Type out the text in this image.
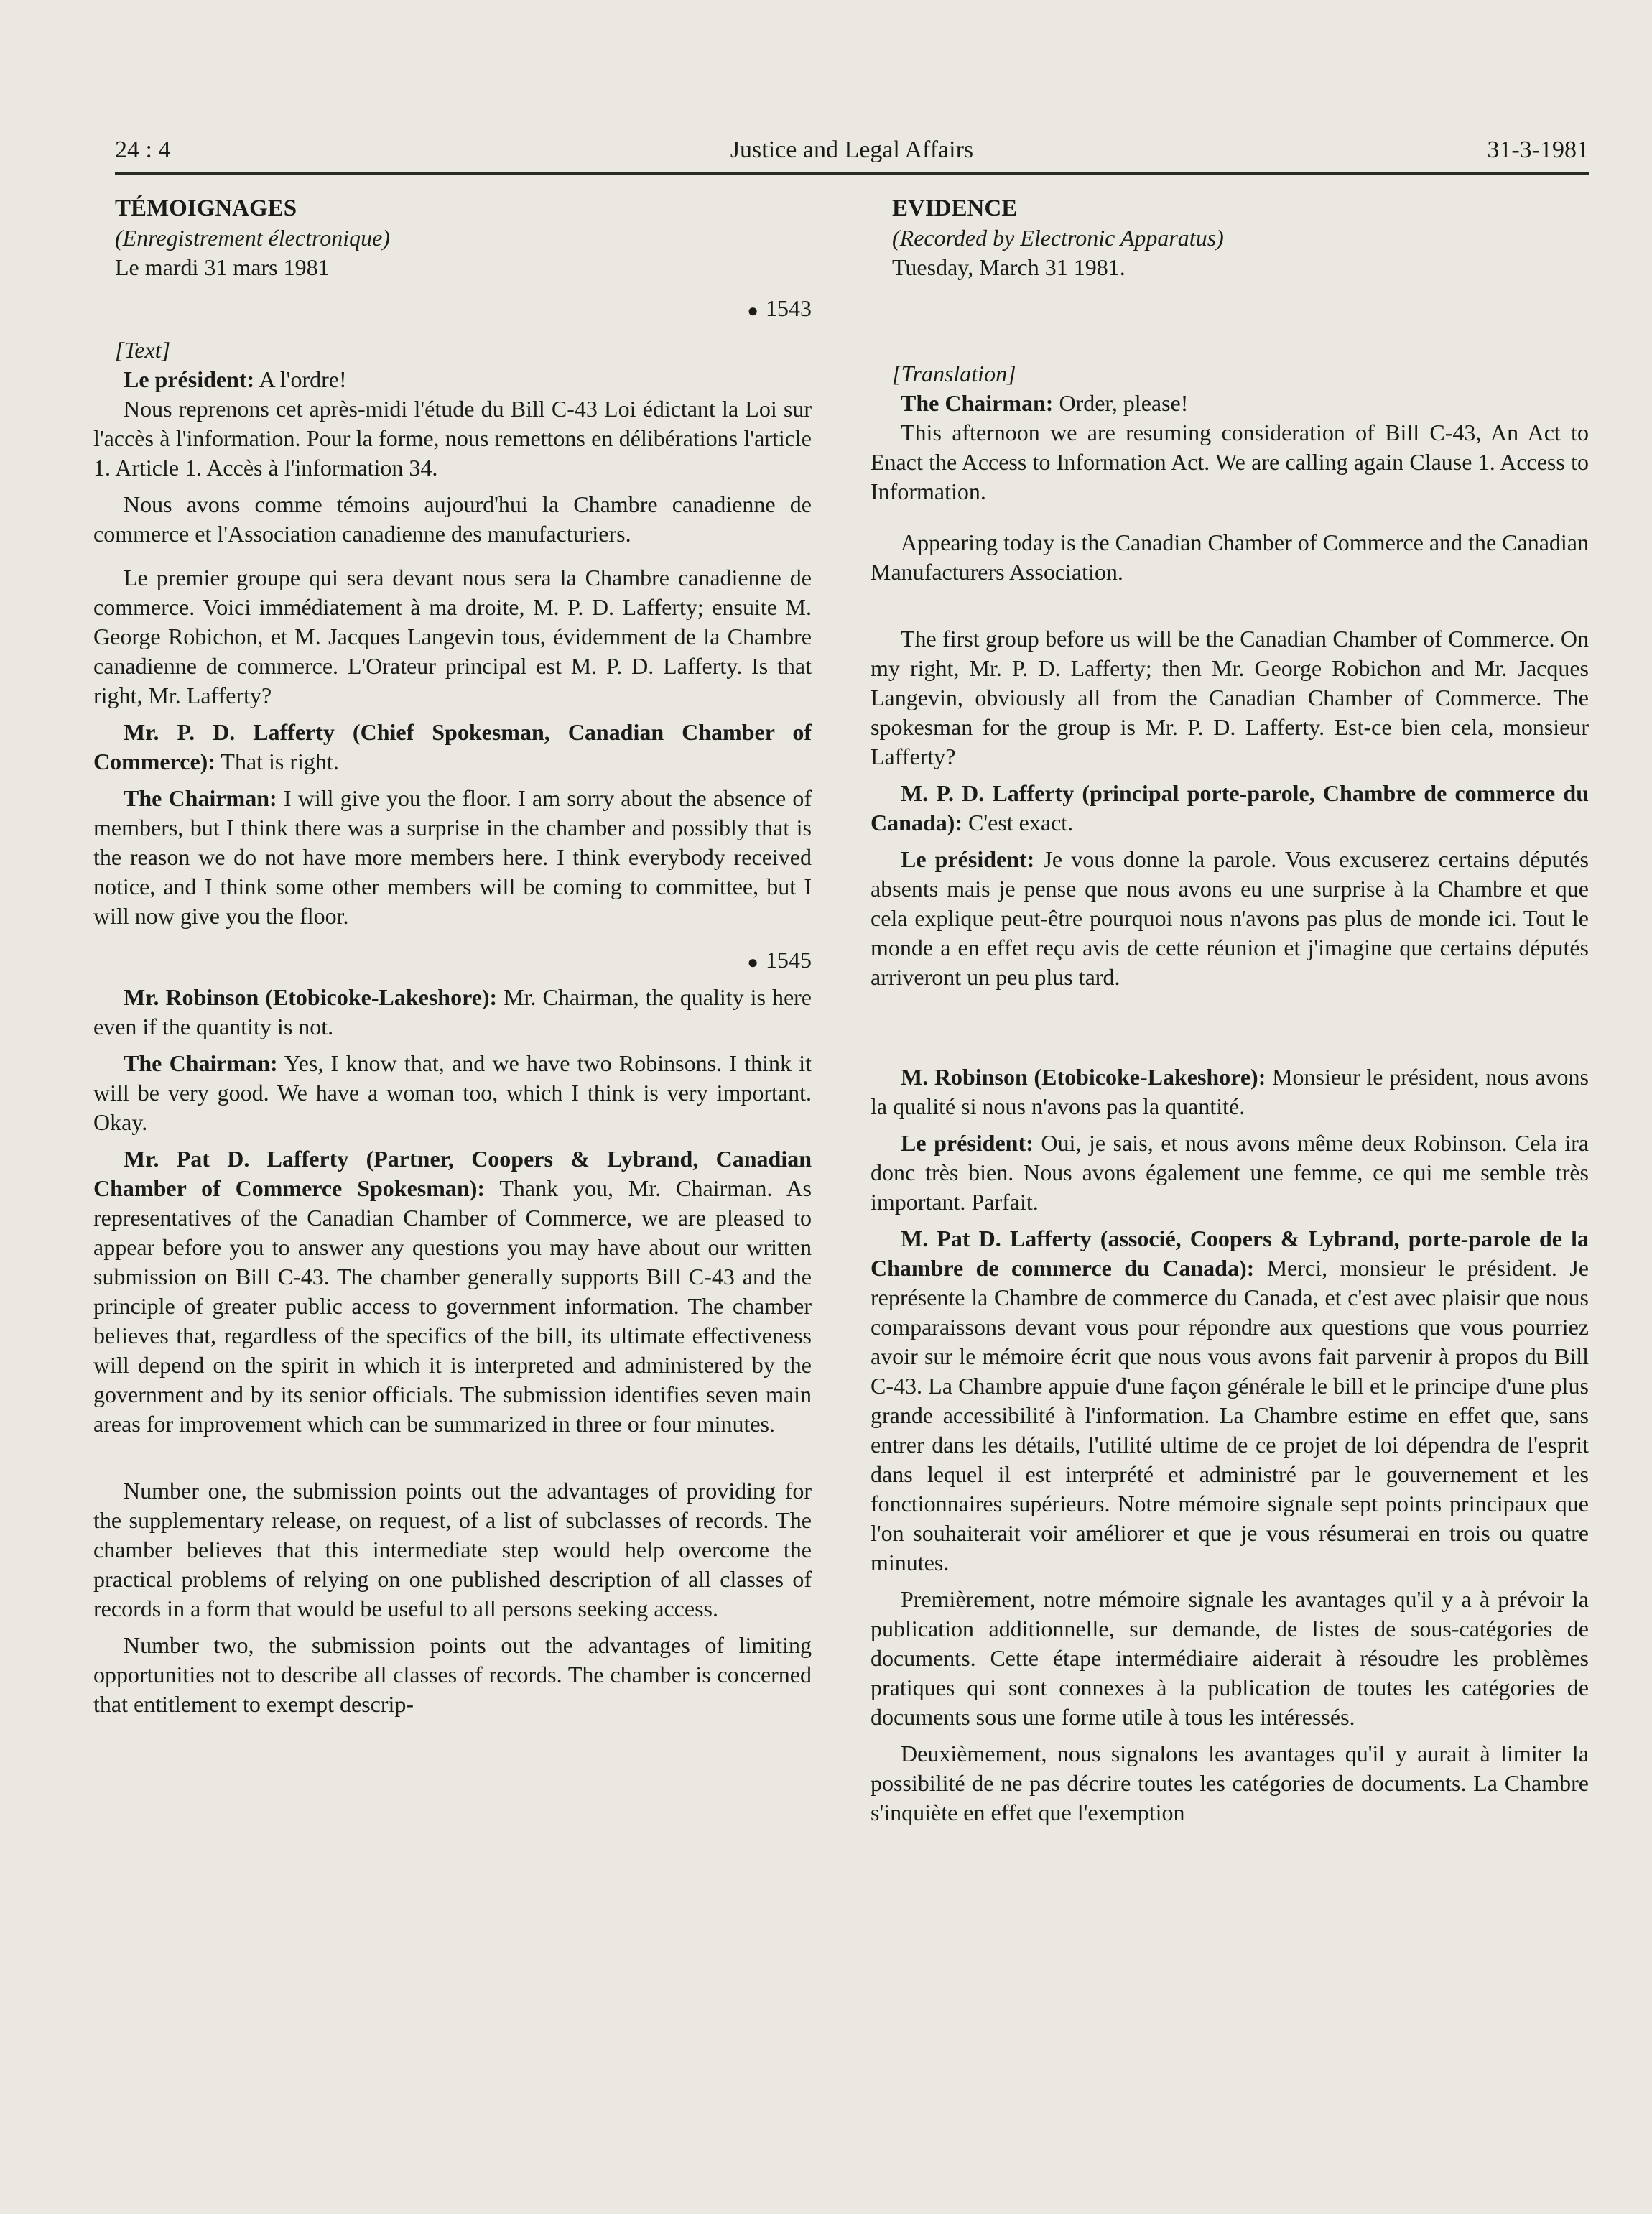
24 : 4	Justice and Legal Affairs	31-3-1981

TÉMOIGNAGES

(Enregistrement électronique)

Le mardi 31 mars 1981

● 1543

[Text]

Le président: A l'ordre!

Nous reprenons cet après-midi l'étude du Bill C-43 Loi édictant la Loi sur l'accès à l'information. Pour la forme, nous remettons en délibérations l'article 1. Article 1. Accès à l'information 34.

Nous avons comme témoins aujourd'hui la Chambre canadienne de commerce et l'Association canadienne des manufacturiers.

Le premier groupe qui sera devant nous sera la Chambre canadienne de commerce. Voici immédiatement à ma droite, M. P. D. Lafferty; ensuite M. George Robichon, et M. Jacques Langevin tous, évidemment de la Chambre canadienne de commerce. L'Orateur principal est M. P. D. Lafferty. Is that right, Mr. Lafferty?

Mr. P. D. Lafferty (Chief Spokesman, Canadian Chamber of Commerce): That is right.

The Chairman: I will give you the floor. I am sorry about the absence of members, but I think there was a surprise in the chamber and possibly that is the reason we do not have more members here. I think everybody received notice, and I think some other members will be coming to committee, but I will now give you the floor.

● 1545

Mr. Robinson (Etobicoke-Lakeshore): Mr. Chairman, the quality is here even if the quantity is not.

The Chairman: Yes, I know that, and we have two Robinsons. I think it will be very good. We have a woman too, which I think is very important. Okay.

Mr. Pat D. Lafferty (Partner, Coopers & Lybrand, Canadian Chamber of Commerce Spokesman): Thank you, Mr. Chairman. As representatives of the Canadian Chamber of Commerce, we are pleased to appear before you to answer any questions you may have about our written submission on Bill C-43. The chamber generally supports Bill C-43 and the principle of greater public access to government information. The chamber believes that, regardless of the specifics of the bill, its ultimate effectiveness will depend on the spirit in which it is interpreted and administered by the government and by its senior officials. The submission identifies seven main areas for improvement which can be summarized in three or four minutes.

Number one, the submission points out the advantages of providing for the supplementary release, on request, of a list of subclasses of records. The chamber believes that this intermediate step would help overcome the practical problems of relying on one published description of all classes of records in a form that would be useful to all persons seeking access.

Number two, the submission points out the advantages of limiting opportunities not to describe all classes of records. The chamber is concerned that entitlement to exempt descrip-

EVIDENCE

(Recorded by Electronic Apparatus)

Tuesday, March 31 1981.

[Translation]

The Chairman: Order, please!

This afternoon we are resuming consideration of Bill C-43, An Act to Enact the Access to Information Act. We are calling again Clause 1. Access to Information.

Appearing today is the Canadian Chamber of Commerce and the Canadian Manufacturers Association.

The first group before us will be the Canadian Chamber of Commerce. On my right, Mr. P. D. Lafferty; then Mr. George Robichon and Mr. Jacques Langevin, obviously all from the Canadian Chamber of Commerce. The spokesman for the group is Mr. P. D. Lafferty. Est-ce bien cela, monsieur Lafferty?

M. P. D. Lafferty (principal porte-parole, Chambre de commerce du Canada): C'est exact.

Le président: Je vous donne la parole. Vous excuserez certains députés absents mais je pense que nous avons eu une surprise à la Chambre et que cela explique peut-être pourquoi nous n'avons pas plus de monde ici. Tout le monde a en effet reçu avis de cette réunion et j'imagine que certains députés arriveront un peu plus tard.

M. Robinson (Etobicoke-Lakeshore): Monsieur le président, nous avons la qualité si nous n'avons pas la quantité.

Le président: Oui, je sais, et nous avons même deux Robinson. Cela ira donc très bien. Nous avons également une femme, ce qui me semble très important. Parfait.

M. Pat D. Lafferty (associé, Coopers & Lybrand, porte-parole de la Chambre de commerce du Canada): Merci, monsieur le président. Je représente la Chambre de commerce du Canada, et c'est avec plaisir que nous comparaissons devant vous pour répondre aux questions que vous pourriez avoir sur le mémoire écrit que nous vous avons fait parvenir à propos du Bill C-43. La Chambre appuie d'une façon générale le bill et le principe d'une plus grande accessibilité à l'information. La Chambre estime en effet que, sans entrer dans les détails, l'utilité ultime de ce projet de loi dépendra de l'esprit dans lequel il est interprété et administré par le gouvernement et les fonctionnaires supérieurs. Notre mémoire signale sept points principaux que l'on souhaiterait voir améliorer et que je vous résumerai en trois ou quatre minutes.

Premièrement, notre mémoire signale les avantages qu'il y a à prévoir la publication additionnelle, sur demande, de listes de sous-catégories de documents. Cette étape intermédiaire aiderait à résoudre les problèmes pratiques qui sont connexes à la publication de toutes les catégories de documents sous une forme utile à tous les intéressés.

Deuxièmement, nous signalons les avantages qu'il y aurait à limiter la possibilité de ne pas décrire toutes les catégories de documents. La Chambre s'inquiète en effet que l'exemption
